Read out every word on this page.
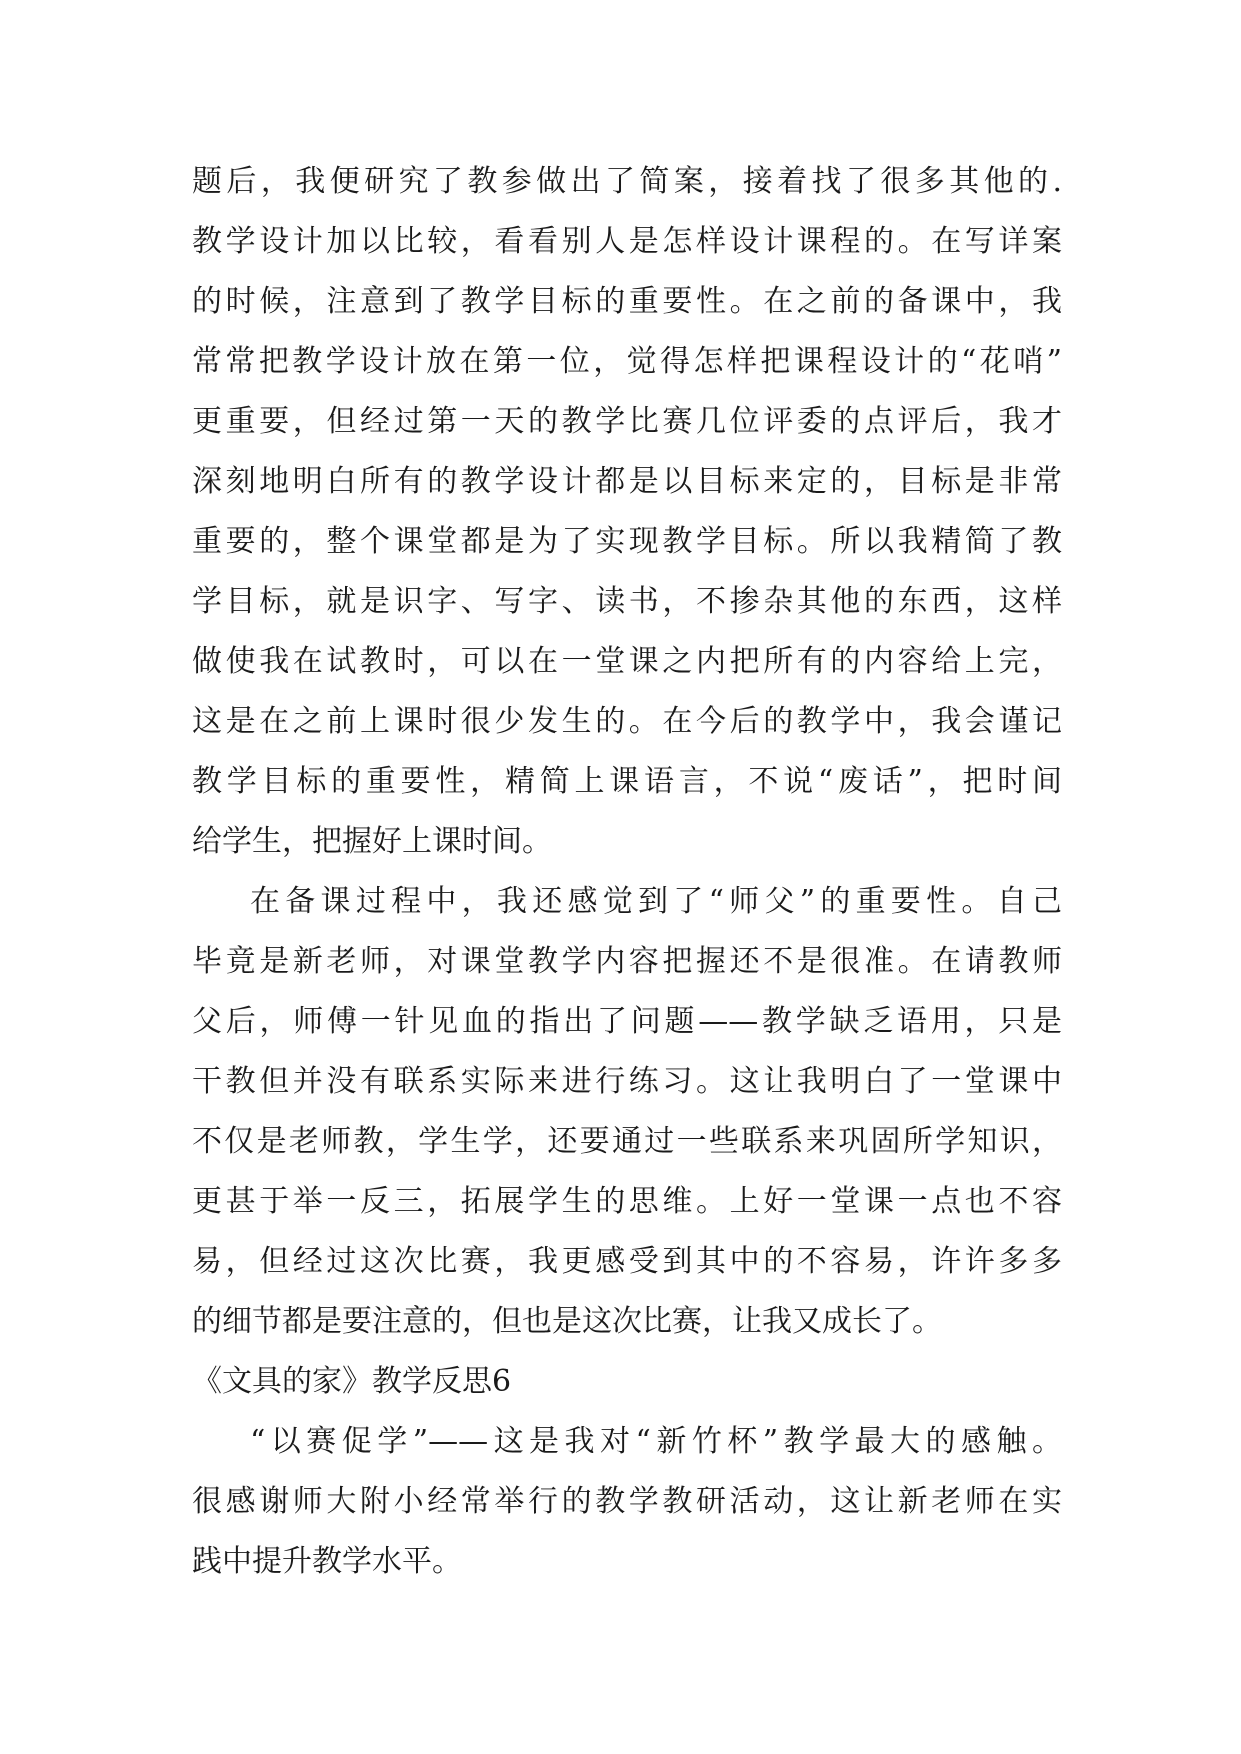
题后，我便研究了教参做出了简案，接着找了很多其他的.
教学设计加以比较，看看别人是怎样设计课程的。在写详案
的时候，注意到了教学目标的重要性。在之前的备课中，我
常常把教学设计放在第一位，觉得怎样把课程设计的“花哨”
更重要，但经过第一天的教学比赛几位评委的点评后，我才
深刻地明白所有的教学设计都是以目标来定的，目标是非常
重要的，整个课堂都是为了实现教学目标。所以我精简了教
学目标，就是识字、写字、读书，不掺杂其他的东西，这样
做使我在试教时，可以在一堂课之内把所有的内容给上完，
这是在之前上课时很少发生的。在今后的教学中，我会谨记
教学目标的重要性，精简上课语言，不说“废话”，把时间
给学生，把握好上课时间。
在备课过程中，我还感觉到了“师父”的重要性。自己
毕竟是新老师，对课堂教学内容把握还不是很准。在请教师
父后，师傅一针见血的指出了问题——教学缺乏语用，只是
干教但并没有联系实际来进行练习。这让我明白了一堂课中
不仅是老师教，学生学，还要通过一些联系来巩固所学知识，
更甚于举一反三，拓展学生的思维。上好一堂课一点也不容
易，但经过这次比赛，我更感受到其中的不容易，许许多多
的细节都是要注意的，但也是这次比赛，让我又成长了。
《文具的家》教学反思6
“以赛促学”——这是我对“新竹杯”教学最大的感触。
很感谢师大附小经常举行的教学教研活动，这让新老师在实
践中提升教学水平。
